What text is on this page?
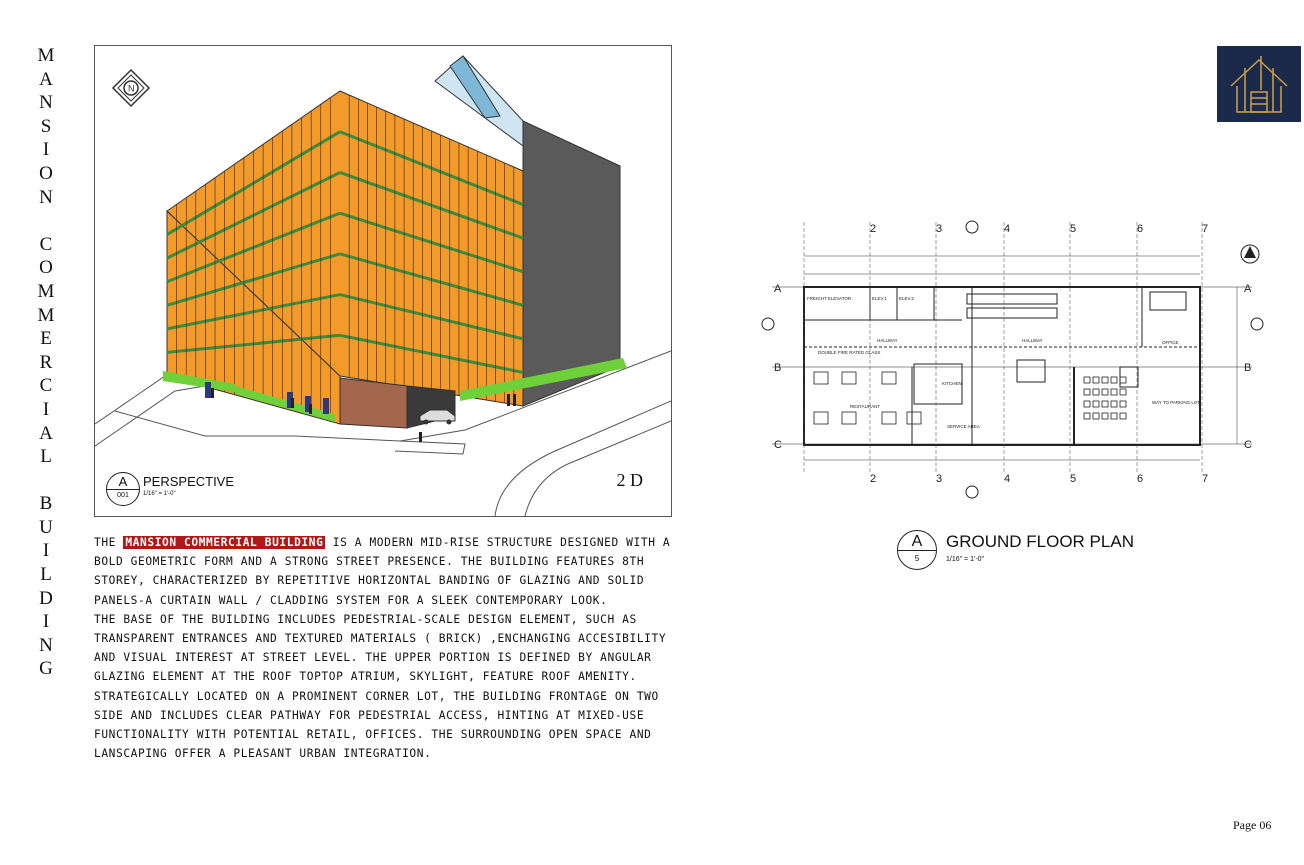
M
A
N
S
I
O
N
C
O
M
M
E
R
C
I
A
L
B
U
I
L
D
I
N
G
N
A
001
PERSPECTIVE
1/16" = 1'-0"
2 D

THE MANSION COMMERCIAL BUILDING IS A MODERN MID-RISE STRUCTURE DESIGNED WITH A BOLD GEOMETRIC FORM AND A STRONG STREET PRESENCE. THE BUILDING FEATURES 8TH STOREY, CHARACTERIZED BY REPETITIVE HORIZONTAL BANDING OF GLAZING AND SOLID PANELS-A CURTAIN WALL / CLADDING SYSTEM FOR A SLEEK CONTEMPORARY LOOK.

THE BASE OF THE BUILDING INCLUDES PEDESTRIAL-SCALE DESIGN ELEMENT, SUCH AS TRANSPARENT ENTRANCES AND TEXTURED MATERIALS ( BRICK) ,ENCHANGING ACCESIBILITY AND VISUAL INTEREST AT STREET LEVEL. THE UPPER PORTION IS DEFINED BY ANGULAR GLAZING ELEMENT AT THE ROOF TOPTOP ATRIUM, SKYLIGHT, FEATURE ROOF AMENITY.

STRATEGICALLY LOCATED ON A PROMINENT CORNER LOT, THE BUILDING FRONTAGE ON TWO SIDE AND INCLUDES CLEAR PATHWAY FOR PEDESTRIAL ACCESS, HINTING AT MIXED-USE FUNCTIONALITY WITH POTENTIAL RETAIL, OFFICES. THE SURROUNDING OPEN SPACE AND LANSCAPING OFFER A PLEASANT URBAN INTEGRATION.

2	3	4	5	6	7
2	3	4	5	6	7
A
B
C
A
B
C
FREIGHT ELEVATOR	ELEV.1	ELEV.2
HALLWAY	HALLWAY
KITCHEN
RESTAURANT
SERVICE AREA
OFFICE
DOUBLE FIRE RATED GLASS
WAY TO PARKING LOT
A
5
GROUND FLOOR PLAN
1/16" = 1'-0"
Page 06
